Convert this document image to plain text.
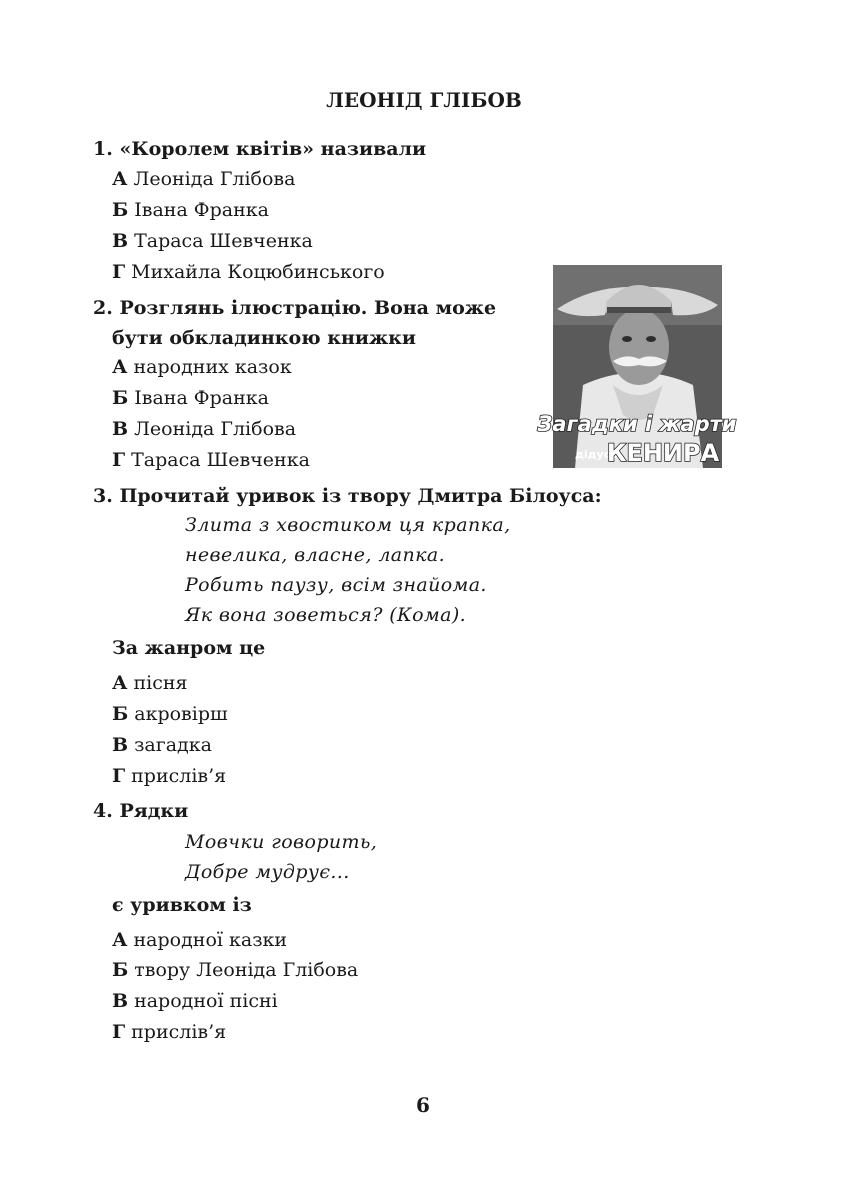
ЛЕОНІД ГЛІБОВ
1. «Королем квітів» називали
А Леоніда Глібова
Б Івана Франка
В Тараса Шевченка
Г Михайла Коцюбинського
2. Розглянь ілюстрацію. Вона може
бути обкладинкою книжки
А народних казок
Б Івана Франка
В Леоніда Глібова
Г Тараса Шевченка
Загадки і жарти
дідуся
КЕНИРА
3. Прочитай уривок із твору Дмитра Білоуса:
Злита з хвостиком ця крапка,
невелика, власне, лапка.
Робить паузу, всім знайома.
Як вона зоветься? (Кома).
За жанром це
А пісня
Б акровірш
В загадка
Г прислів’я
4. Рядки
Мовчки говорить,
Добре мудрує...
є уривком із
А народної казки
Б твору Леоніда Глібова
В народної пісні
Г прислів’я
6
